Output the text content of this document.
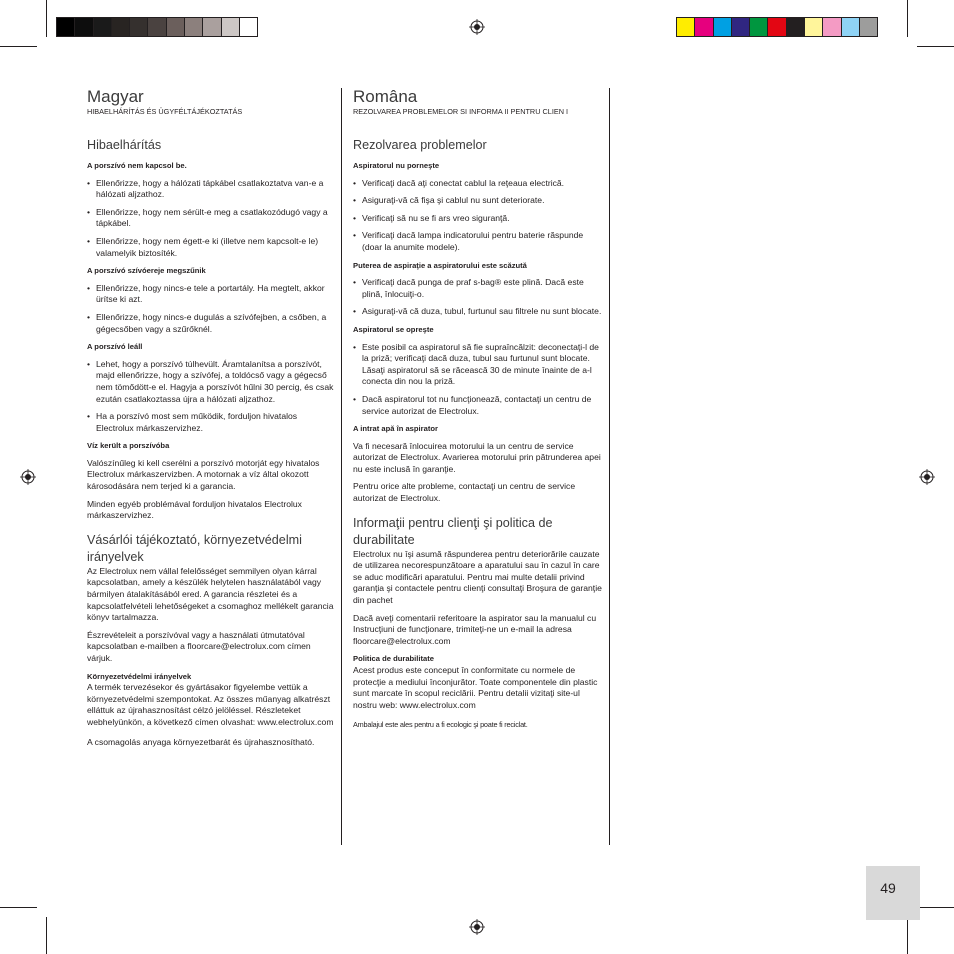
Magyar
HIBAELHÁRÍTÁS ÉS ÜGYFÉLTÁJÉKOZTATÁS
Hibaelhárítás
A porszívó nem kapcsol be.
• Ellenőrizze, hogy a hálózati tápkábel csatlakoztatva van-e a hálózati aljzathoz.
• Ellenőrizze, hogy nem sérült-e meg a csatlakozódugó vagy a tápkábel.
• Ellenőrizze, hogy nem égett-e ki (illetve nem kapcsolt-e le) valamelyik biztosíték.
A porszívó szívóereje megszűnik
• Ellenőrizze, hogy nincs-e tele a portartály. Ha megtelt, akkor ürítse ki azt.
• Ellenőrizze, hogy nincs-e dugulás a szívófejben, a csőben, a gégecsőben vagy a szűrőknél.
A porszívó leáll
• Lehet, hogy a porszívó túlhevült. Áramtalanítsa a porszívót, majd ellenőrizze, hogy a szívófej, a toldócső vagy a gégecső nem tömődött-e el. Hagyja a porszívót hűlni 30 percig, és csak ezután csatlakoztassa újra a hálózati aljzathoz.
• Ha a porszívó most sem működik, forduljon hivatalos Electrolux márkaszervizhez.
Víz került a porszívóba
Valószínűleg ki kell cserélni a porszívó motorját egy hivatalos Electrolux márkaszervizben. A motornak a víz által okozott károsodására nem terjed ki a garancia.
Minden egyéb problémával forduljon hivatalos Electrolux márkaszervizhez.
Vásárlói tájékoztató, környezetvédelmi irányelvek
Az Electrolux nem vállal felelősséget semmilyen olyan kárral kapcsolatban, amely a készülék helytelen használatából vagy bármilyen átalakításából ered. A garancia részletei és a kapcsolatfelvételi lehetőségeket a csomaghoz mellékelt garancia könyv tartalmazza.
Észrevételeit a porszívóval vagy a használati útmutatóval kapcsolatban e-mailben a floorcare@electrolux.com címen várjuk.
Környezetvédelmi irányelvek
A termék tervezésekor és gyártásakor figyelembe vettük a környezetvédelmi szempontokat. Az összes műanyag alkatrészt elláttuk az újrahasznosítást célzó jelöléssel. Részleteket webhelyünkön, a következő címen olvashat: www.electrolux.com
A csomagolás anyaga környezetbarát és újrahasznosítható.
Româna
REZOLVAREA PROBLEMELOR SI INFORMA II PENTRU CLIEN I
Rezolvarea problemelor
Aspiratorul nu porneşte
• Verificaţi dacă aţi conectat cablul la reţeaua electrică.
• Asiguraţi-vă că fişa şi cablul nu sunt deteriorate.
• Verificaţi să nu se fi ars vreo siguranţă.
• Verificaţi dacă lampa indicatorului pentru baterie răspunde (doar la anumite modele).
Puterea de aspiraţie a aspiratorului este scăzută
• Verificaţi dacă punga de praf s-bag® este plină. Dacă este plină, înlocuiţi-o.
• Asiguraţi-vă că duza, tubul, furtunul sau filtrele nu sunt blocate.
Aspiratorul se opreşte
• Este posibil ca aspiratorul să fie supraîncălzit: deconectaţi-l de la priză; verificaţi dacă duza, tubul sau furtunul sunt blocate. Lăsaţi aspiratorul să se răcească 30 de minute înainte de a-l conecta din nou la priză.
• Dacă aspiratorul tot nu funcţionează, contactaţi un centru de service autorizat de Electrolux.
A intrat apă în aspirator
Va fi necesară înlocuirea motorului la un centru de service autorizat de Electrolux. Avarierea motorului prin pătrunderea apei nu este inclusă în garanţie.
Pentru orice alte probleme, contactaţi un centru de service autorizat de Electrolux.
Informaţii pentru clienţi şi politica de durabilitate
Electrolux nu îşi asumă răspunderea pentru deteriorările cauzate de utilizarea necorespunzătoare a aparatului sau în cazul în care se aduc modificări aparatului. Pentru mai multe detalii privind garanţia şi contactele pentru clienţi consultaţi Broşura de garanţie din pachet
Dacă aveţi comentarii referitoare la aspirator sau la manualul cu Instrucţiuni de funcţionare, trimiteţi-ne un e-mail la adresa floorcare@electrolux.com
Politica de durabilitate
Acest produs este conceput în conformitate cu normele de protecţie a mediului înconjurător. Toate componentele din plastic sunt marcate în scopul reciclării. Pentru detalii vizitaţi site-ul nostru web: www.electrolux.com
Ambalajul este ales pentru a fi ecologic şi poate fi reciclat.
49
